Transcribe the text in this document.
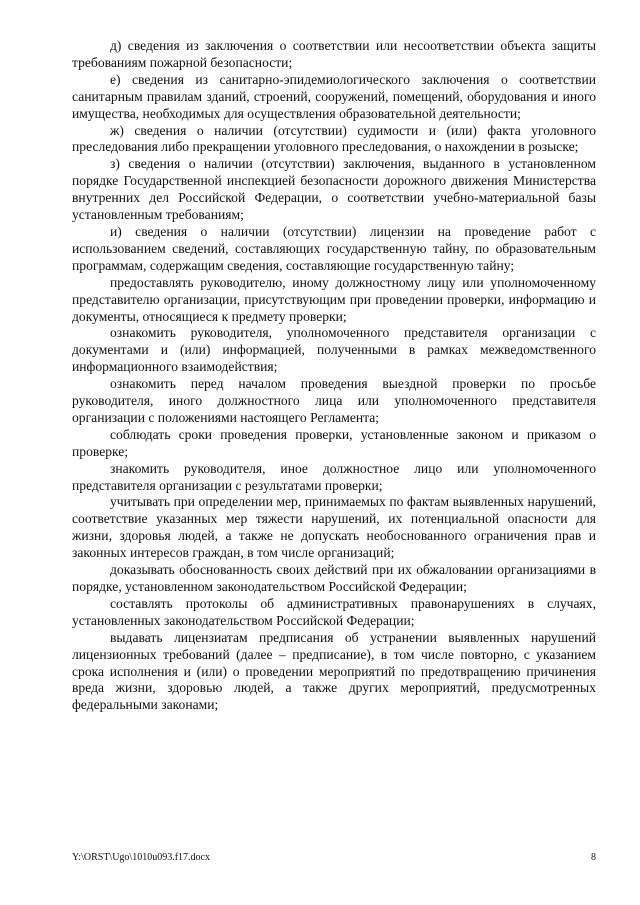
д) сведения из заключения о соответствии или несоответствии объекта защиты требованиям пожарной безопасности;

е) сведения из санитарно-эпидемиологического заключения о соответствии санитарным правилам зданий, строений, сооружений, помещений, оборудования и иного имущества, необходимых для осуществления образовательной деятельности;

ж) сведения о наличии (отсутствии) судимости и (или) факта уголовного преследования либо прекращении уголовного преследования, о нахождении в розыске;

з) сведения о наличии (отсутствии) заключения, выданного в установленном порядке Государственной инспекцией безопасности дорожного движения Министерства внутренних дел Российской Федерации, о соответствии учебно-материальной базы установленным требованиям;

и) сведения о наличии (отсутствии) лицензии на проведение работ с использованием сведений, составляющих государственную тайну, по образовательным программам, содержащим сведения, составляющие государственную тайну;

предоставлять руководителю, иному должностному лицу или уполномоченному представителю организации, присутствующим при проведении проверки, информацию и документы, относящиеся к предмету проверки;

ознакомить руководителя, уполномоченного представителя организации с документами и (или) информацией, полученными в рамках межведомственного информационного взаимодействия;

ознакомить перед началом проведения выездной проверки по просьбе руководителя, иного должностного лица или уполномоченного представителя организации с положениями настоящего Регламента;

соблюдать сроки проведения проверки, установленные законом и приказом о проверке;

знакомить руководителя, иное должностное лицо или уполномоченного представителя организации с результатами проверки;

учитывать при определении мер, принимаемых по фактам выявленных нарушений, соответствие указанных мер тяжести нарушений, их потенциальной опасности для жизни, здоровья людей, а также не допускать необоснованного ограничения прав и законных интересов граждан, в том числе организаций;

доказывать обоснованность своих действий при их обжаловании организациями в порядке, установленном законодательством Российской Федерации;

составлять протоколы об административных правонарушениях в случаях, установленных законодательством Российской Федерации;

выдавать лицензиатам предписания об устранении выявленных нарушений лицензионных требований (далее – предписание), в том числе повторно, с указанием срока исполнения и (или) о проведении мероприятий по предотвращению причинения вреда жизни, здоровью людей, а также других мероприятий, предусмотренных федеральными законами;

Y:\ORST\Ugo\1010u093.f17.docx	8
